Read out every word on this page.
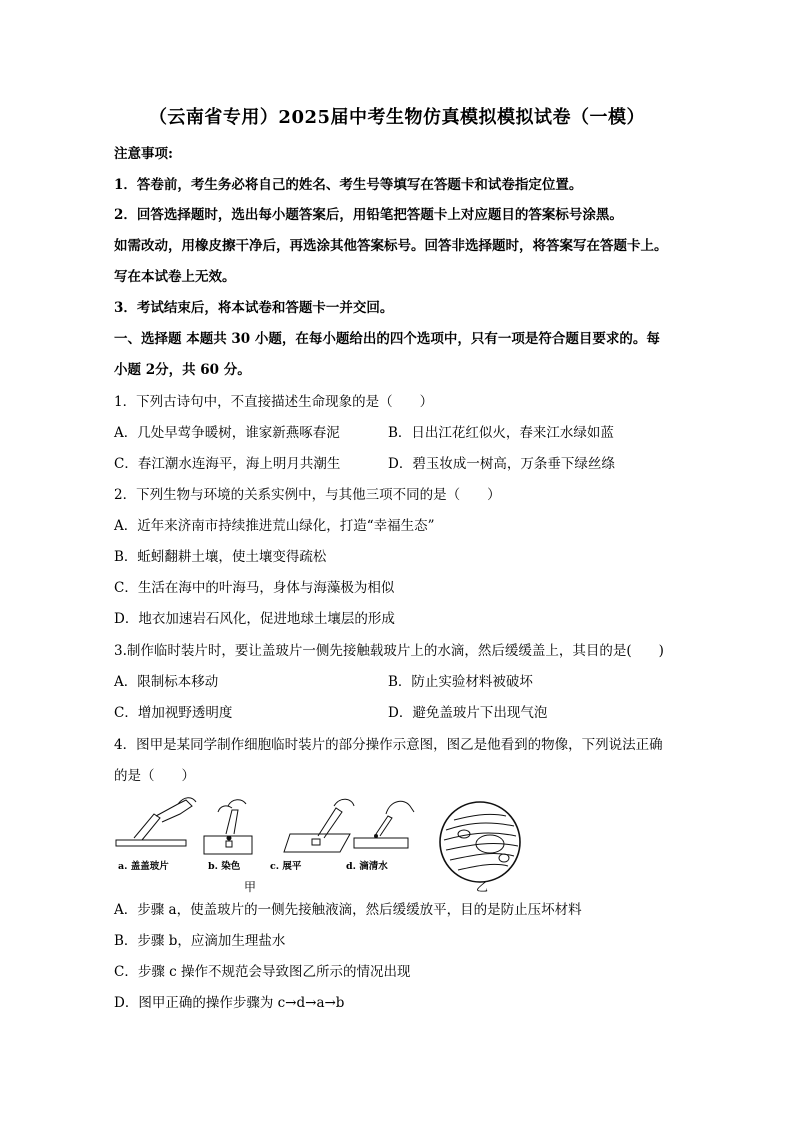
（云南省专用）2025届中考生物仿真模拟模拟试卷（一模）
注意事项:
1．答卷前，考生务必将自己的姓名、考生号等填写在答题卡和试卷指定位置。
2．回答选择题时，选出每小题答案后，用铅笔把答题卡上对应题目的答案标号涂黑。
如需改动，用橡皮擦干净后，再选涂其他答案标号。回答非选择题时，将答案写在答题卡上。
写在本试卷上无效。
3．考试结束后，将本试卷和答题卡一并交回。
一、选择题 本题共 30 小题，在每小题给出的四个选项中，只有一项是符合题目要求的。每
小题 2分，共 60 分。
1．下列古诗句中，不直接描述生命现象的是（　　）
A．几处早莺争暖树，谁家新燕啄春泥	B．日出江花红似火，春来江水绿如蓝
C．春江潮水连海平，海上明月共潮生	D．碧玉妆成一树高，万条垂下绿丝绦
2．下列生物与环境的关系实例中，与其他三项不同的是（　　）
A．近年来济南市持续推进荒山绿化，打造“幸福生态”
B．蚯蚓翻耕土壤，使土壤变得疏松
C．生活在海中的叶海马，身体与海藻极为相似
D．地衣加速岩石风化，促进地球土壤层的形成
3.制作临时装片时，要让盖玻片一侧先接触载玻片上的水滴，然后缓缓盖上，其目的是(　　)
A．限制标本移动	B．防止实验材料被破坏
C．增加视野透明度	D．避免盖玻片下出现气泡
4．图甲是某同学制作细胞临时装片的部分操作示意图，图乙是他看到的物像，下列说法正确
的是（　　）
a. 盖盖玻片	b. 染色	c. 展平	d. 滴清水
甲	乙
A．步骤 a，使盖玻片的一侧先接触液滴，然后缓缓放平，目的是防止压坏材料
B．步骤 b，应滴加生理盐水
C．步骤 c 操作不规范会导致图乙所示的情况出现
D．图甲正确的操作步骤为 c→d→a→b
